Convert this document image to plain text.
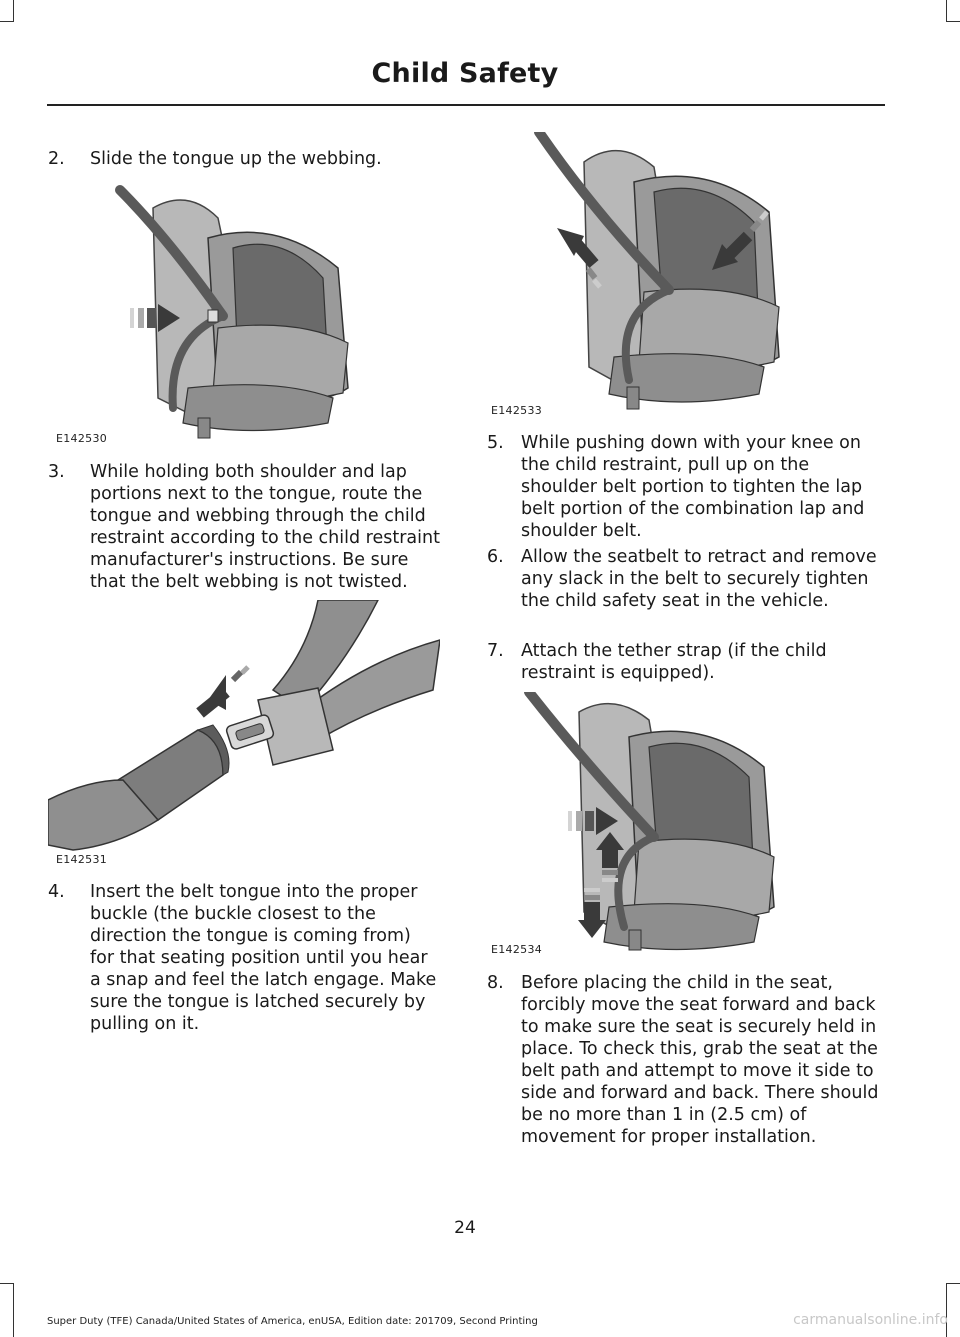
Child Safety
2. Slide the tongue up the webbing.
E142530
3. While holding both shoulder and lap portions next to the tongue, route the tongue and webbing through the child restraint according to the child restraint manufacturer's instructions. Be sure that the belt webbing is not twisted.
E142531
4. Insert the belt tongue into the proper buckle (the buckle closest to the direction the tongue is coming from) for that seating position until you hear a snap and feel the latch engage. Make sure the tongue is latched securely by pulling on it.
E142533
5. While pushing down with your knee on the child restraint, pull up on the shoulder belt portion to tighten the lap belt portion of the combination lap and shoulder belt.
6. Allow the seatbelt to retract and remove any slack in the belt to securely tighten the child safety seat in the vehicle.
7. Attach the tether strap (if the child restraint is equipped).
E142534
8. Before placing the child in the seat, forcibly move the seat forward and back to make sure the seat is securely held in place. To check this, grab the seat at the belt path and attempt to move it side to side and forward and back. There should be no more than 1 in (2.5 cm) of movement for proper installation.
24
Super Duty (TFE) Canada/United States of America, enUSA, Edition date: 201709, Second Printing	carmanualsonline.info
